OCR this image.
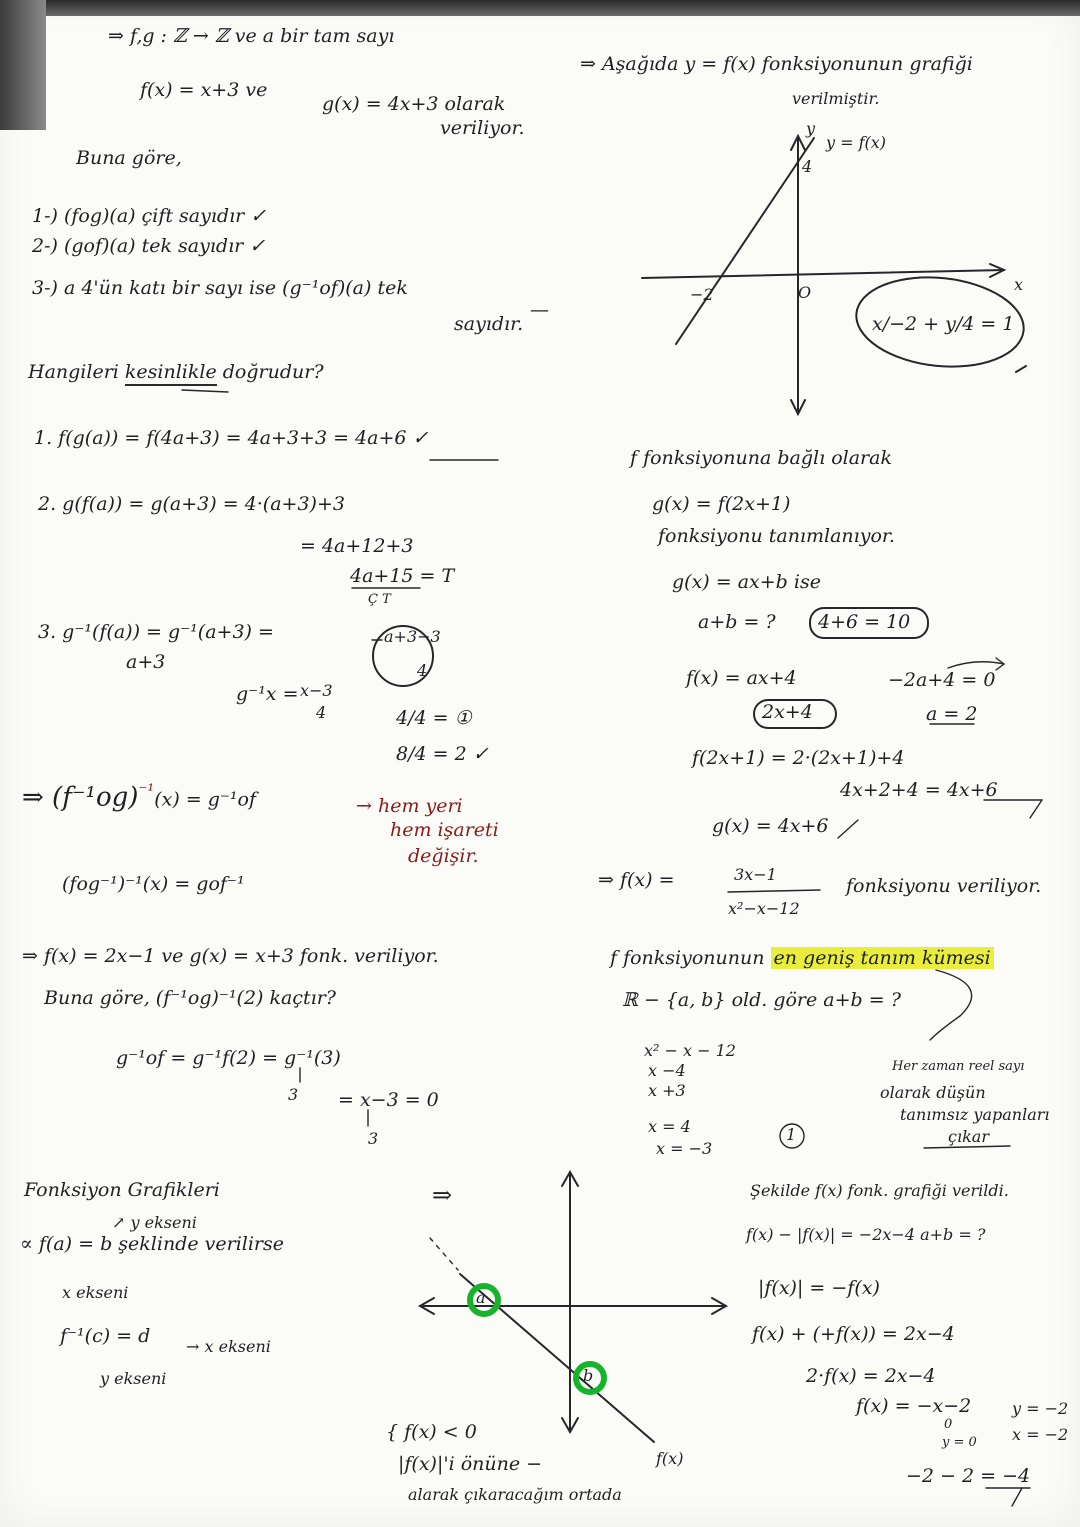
⇒ f,g : ℤ → ℤ ve a bir tam sayı

f(x) = x+3 ve

g(x) = 4x+3 olarak

veriliyor.

Buna göre,

1-) (fog)(a) çift sayıdır ✓

2-) (gof)(a) tek sayıdır ✓

3-) a 4'ün katı bir sayı ise (g⁻¹of)(a) tek

sayıdır.

—

Hangileri kesinlikle doğrudur?

1. f(g(a)) = f(4a+3) = 4a+3+3 = 4a+6 ✓

2. g(f(a)) = g(a+3) = 4·(a+3)+3

= 4a+12+3

4a+15 = T

Ç T

3. g⁻¹(f(a)) = g⁻¹(a+3) =

a+3

a+3−3

4

g⁻¹x = x−3

4	4/4 = ①

8/4 = 2 ✓

⇒ $(f^{-1}og)^{^{-1}}(x) = g^{-1}of$	→ hem yeri

hem işareti

değişir.

(fog⁻¹)⁻¹(x) = gof⁻¹

⇒ f(x) = 2x−1 ve g(x) = x+3 fonk. veriliyor.

Buna göre, (f⁻¹og)⁻¹(2) kaçtır?

g⁻¹of = g⁻¹f(2) = g⁻¹(3)

3 = x−3 = 0

3

Fonksiyon Grafikleri

↗ y ekseni

∝ f(a) = b şeklinde verilirse

x ekseni

f⁻¹(c) = d → x ekseni

y ekseni

⇒

a

b

f(x)

{ f(x) < 0

|f(x)|'i önüne −

alarak çıkaracağım ortada

⇒ Aşağıda y = f(x) fonksiyonunun grafiği

verilmiştir.

y

y = f(x)

x

4

−2	O

x/−2 + y/4 = 1

f fonksiyonuna bağlı olarak

g(x) = f(2x+1)

fonksiyonu tanımlanıyor.

g(x) = ax+b ise

a+b = ? 4+6 = 10

f(x) = ax+4	−2a+4 = 0

2x+4	a = 2

f(2x+1) = 2·(2x+1)+4

4x+2+4 = 4x+6

g(x) = 4x+6

⇒ f(x) =	3x−1

x²−x−12

fonksiyonu veriliyor.

f fonksiyonunun en geniş tanım kümesi

ℝ − {a, b} old. göre a+b = ?

x² − x − 12

x −4

x +3

x = 4

x = −3

1

Her zaman reel sayı

olarak düşün

tanımsız yapanları

çıkar

Şekilde f(x) fonk. grafiği verildi.

f(x) − |f(x)| = −2x−4 a+b = ?

|f(x)| = −f(x)

f(x) + (+f(x)) = 2x−4

2·f(x) = 2x−4

f(x) = −x−2	y = −2

0

x = −2

y = 0

−2 − 2 = −4
